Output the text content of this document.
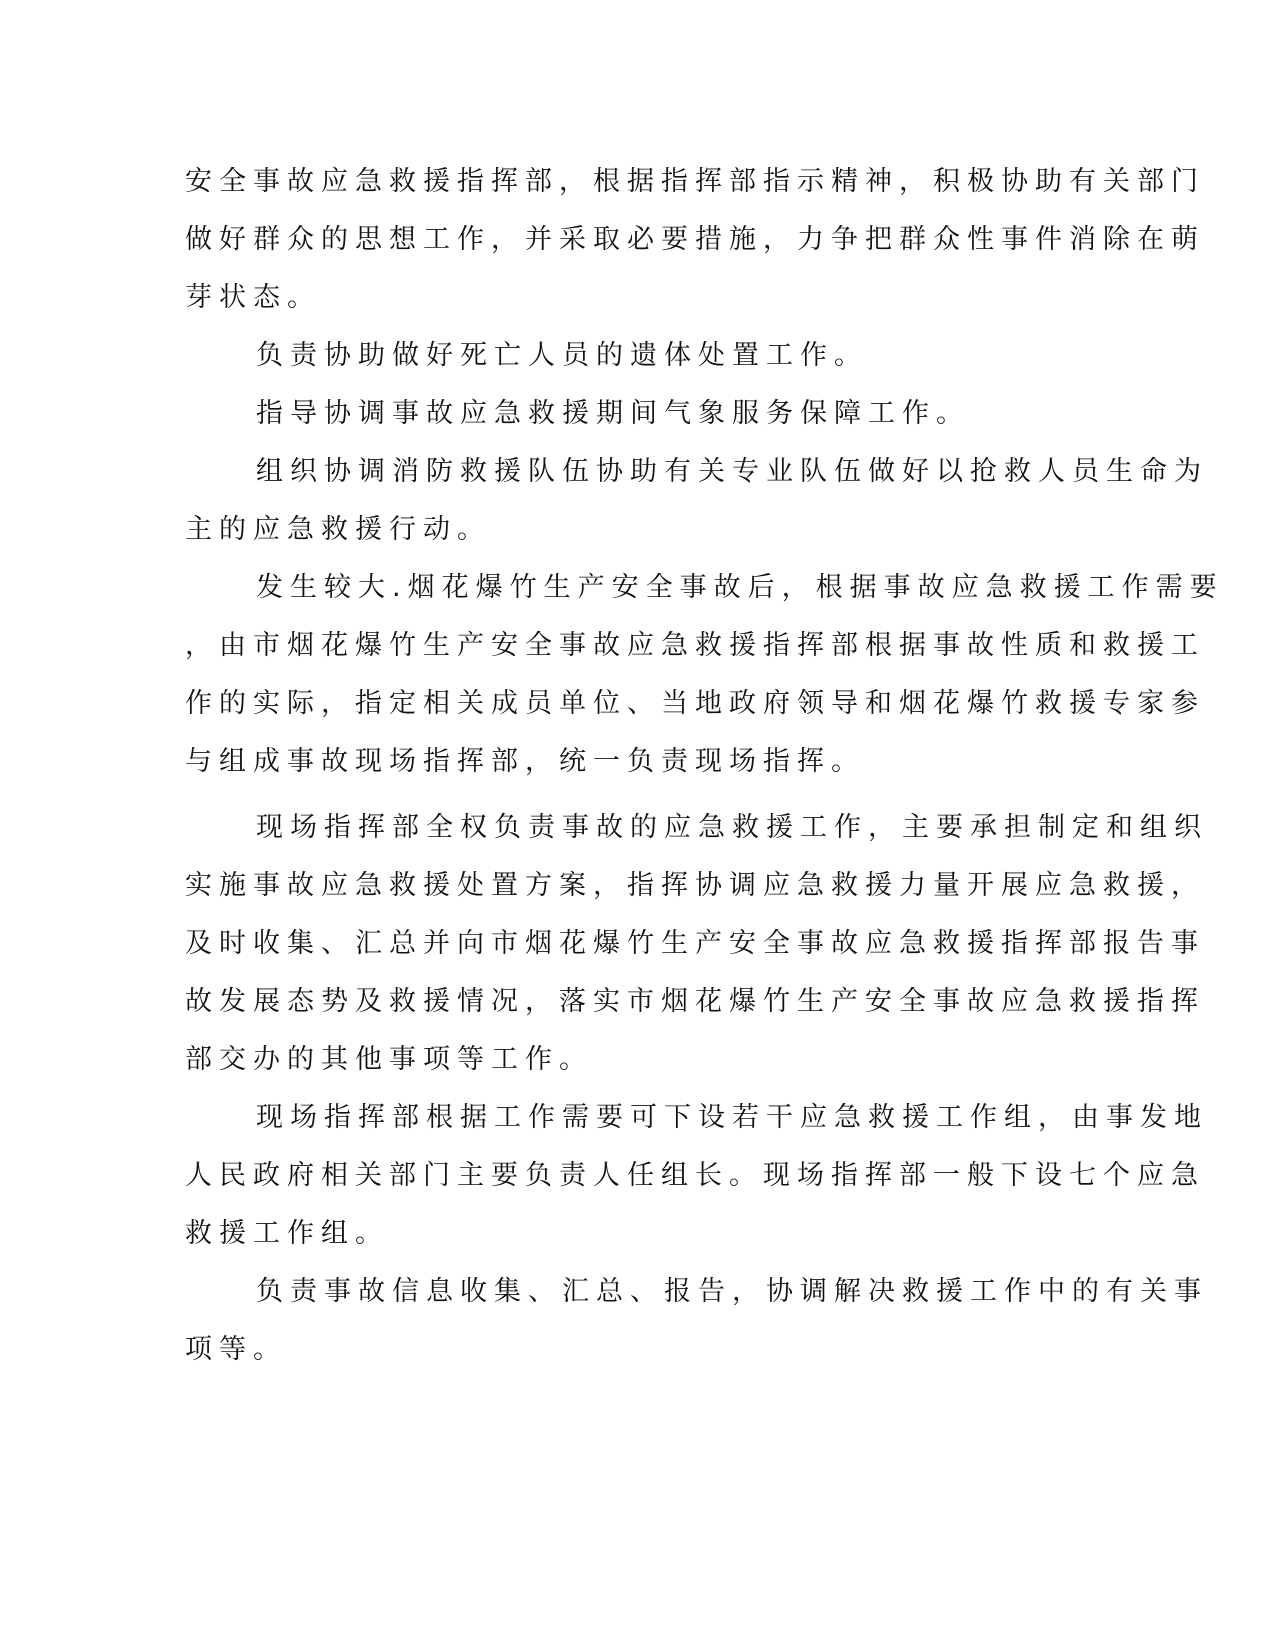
安全事故应急救援指挥部，根据指挥部指示精神，积极协助有关部门
做好群众的思想工作，并采取必要措施，力争把群众性事件消除在萌
芽状态。
负责协助做好死亡人员的遗体处置工作。
指导协调事故应急救援期间气象服务保障工作。
组织协调消防救援队伍协助有关专业队伍做好以抢救人员生命为
主的应急救援行动。
发生较大.烟花爆竹生产安全事故后，根据事故应急救援工作需要
，由市烟花爆竹生产安全事故应急救援指挥部根据事故性质和救援工
作的实际，指定相关成员单位、当地政府领导和烟花爆竹救援专家参
与组成事故现场指挥部，统一负责现场指挥。
现场指挥部全权负责事故的应急救援工作，主要承担制定和组织
实施事故应急救援处置方案，指挥协调应急救援力量开展应急救援，
及时收集、汇总并向市烟花爆竹生产安全事故应急救援指挥部报告事
故发展态势及救援情况，落实市烟花爆竹生产安全事故应急救援指挥
部交办的其他事项等工作。
现场指挥部根据工作需要可下设若干应急救援工作组，由事发地
人民政府相关部门主要负责人任组长。现场指挥部一般下设七个应急
救援工作组。
负责事故信息收集、汇总、报告，协调解决救援工作中的有关事
项等。
